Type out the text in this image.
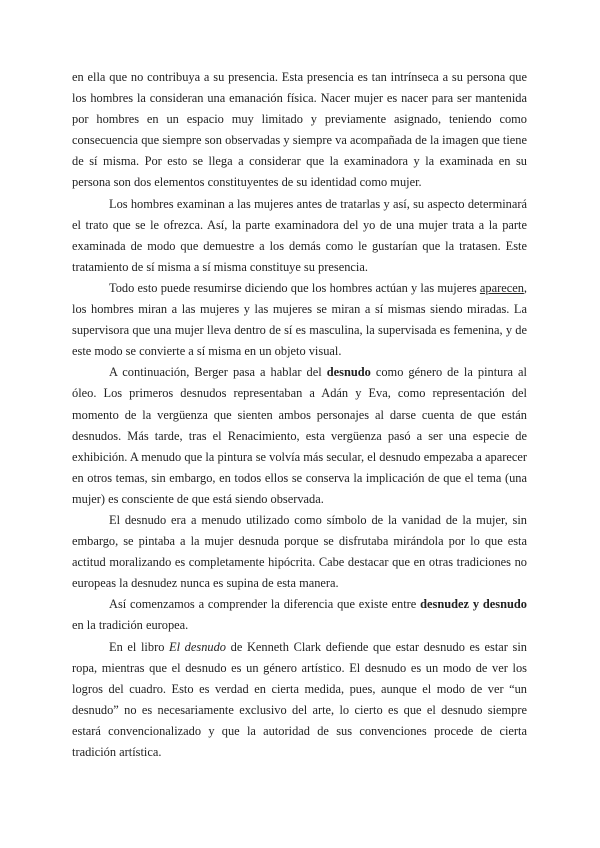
en ella que no contribuya a su presencia. Esta presencia es tan intrínseca a su persona que los hombres la consideran una emanación física. Nacer mujer es nacer para ser mantenida por hombres en un espacio muy limitado y previamente asignado, teniendo como consecuencia que siempre son observadas y siempre va acompañada de la imagen que tiene de sí misma. Por esto se llega a considerar que la examinadora y la examinada en su persona son dos elementos constituyentes de su identidad como mujer.

Los hombres examinan a las mujeres antes de tratarlas y así, su aspecto determinará el trato que se le ofrezca. Así, la parte examinadora del yo de una mujer trata a la parte examinada de modo que demuestre a los demás como le gustarían que la tratasen. Este tratamiento de sí misma a sí misma constituye su presencia.

Todo esto puede resumirse diciendo que los hombres actúan y las mujeres aparecen, los hombres miran a las mujeres y las mujeres se miran a sí mismas siendo miradas. La supervisora que una mujer lleva dentro de sí es masculina, la supervisada es femenina, y de este modo se convierte a sí misma en un objeto visual.

A continuación, Berger pasa a hablar del desnudo como género de la pintura al óleo. Los primeros desnudos representaban a Adán y Eva, como representación del momento de la vergüenza que sienten ambos personajes al darse cuenta de que están desnudos. Más tarde, tras el Renacimiento, esta vergüenza pasó a ser una especie de exhibición. A menudo que la pintura se volvía más secular, el desnudo empezaba a aparecer en otros temas, sin embargo, en todos ellos se conserva la implicación de que el tema (una mujer) es consciente de que está siendo observada.

El desnudo era a menudo utilizado como símbolo de la vanidad de la mujer, sin embargo, se pintaba a la mujer desnuda porque se disfrutaba mirándola por lo que esta actitud moralizando es completamente hipócrita. Cabe destacar que en otras tradiciones no europeas la desnudez nunca es supina de esta manera.

Así comenzamos a comprender la diferencia que existe entre desnudez y desnudo en la tradición europea.

En el libro El desnudo de Kenneth Clark defiende que estar desnudo es estar sin ropa, mientras que el desnudo es un género artístico. El desnudo es un modo de ver los logros del cuadro. Esto es verdad en cierta medida, pues, aunque el modo de ver “un desnudo” no es necesariamente exclusivo del arte, lo cierto es que el desnudo siempre estará convencionalizado y que la autoridad de sus convenciones procede de cierta tradición artística.
